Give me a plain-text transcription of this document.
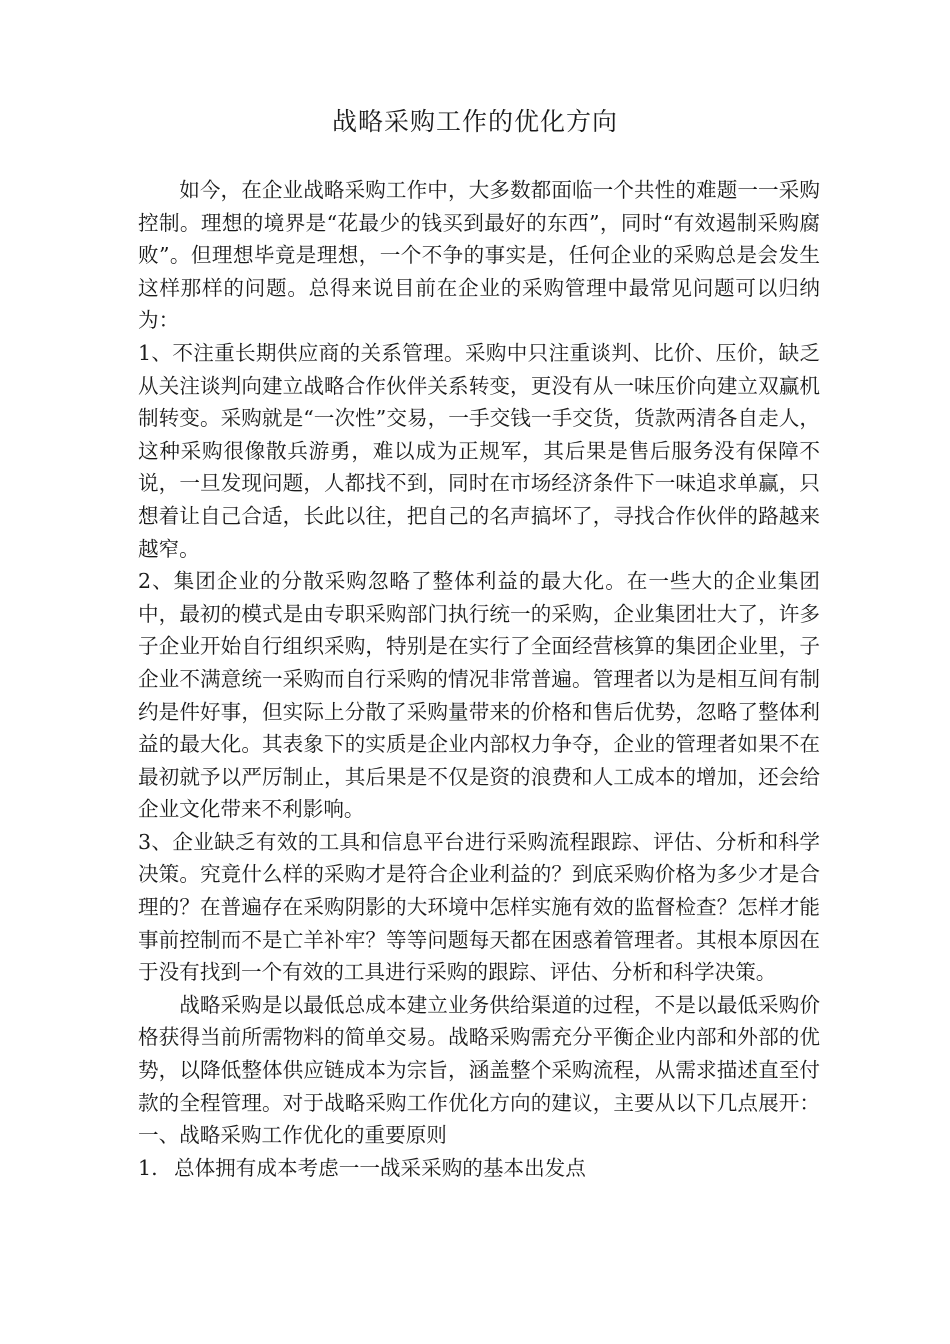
战略采购工作的优化方向

如今，在企业战略采购工作中，大多数都面临一个共性的难题一一采购控制。理想的境界是“花最少的钱买到最好的东西”，同时“有效遏制采购腐败”。但理想毕竟是理想，一个不争的事实是，任何企业的采购总是会发生这样那样的问题。总得来说目前在企业的采购管理中最常见问题可以归纳为：

1、不注重长期供应商的关系管理。采购中只注重谈判、比价、压价，缺乏从关注谈判向建立战略合作伙伴关系转变，更没有从一味压价向建立双赢机制转变。采购就是“一次性”交易，一手交钱一手交货，货款两清各自走人，这种采购很像散兵游勇，难以成为正规军，其后果是售后服务没有保障不说，一旦发现问题，人都找不到，同时在市场经济条件下一味追求单赢，只想着让自己合适，长此以往，把自己的名声搞坏了，寻找合作伙伴的路越来越窄。

2、集团企业的分散采购忽略了整体利益的最大化。在一些大的企业集团中，最初的模式是由专职采购部门执行统一的采购，企业集团壮大了，许多子企业开始自行组织采购，特别是在实行了全面经营核算的集团企业里，子企业不满意统一采购而自行采购的情况非常普遍。管理者以为是相互间有制约是件好事，但实际上分散了采购量带来的价格和售后优势，忽略了整体利益的最大化。其表象下的实质是企业内部权力争夺，企业的管理者如果不在最初就予以严厉制止，其后果是不仅是资的浪费和人工成本的增加，还会给企业文化带来不利影响。

3、企业缺乏有效的工具和信息平台进行采购流程跟踪、评估、分析和科学决策。究竟什么样的采购才是符合企业利益的？到底采购价格为多少才是合理的？在普遍存在采购阴影的大环境中怎样实施有效的监督检查？怎样才能事前控制而不是亡羊补牢？等等问题每天都在困惑着管理者。其根本原因在于没有找到一个有效的工具进行采购的跟踪、评估、分析和科学决策。

战略采购是以最低总成本建立业务供给渠道的过程，不是以最低采购价格获得当前所需物料的简单交易。战略采购需充分平衡企业内部和外部的优势，以降低整体供应链成本为宗旨，涵盖整个采购流程，从需求描述直至付款的全程管理。对于战略采购工作优化方向的建议，主要从以下几点展开：一、战略采购工作优化的重要原则

1. 总体拥有成本考虑一一战采采购的基本出发点
